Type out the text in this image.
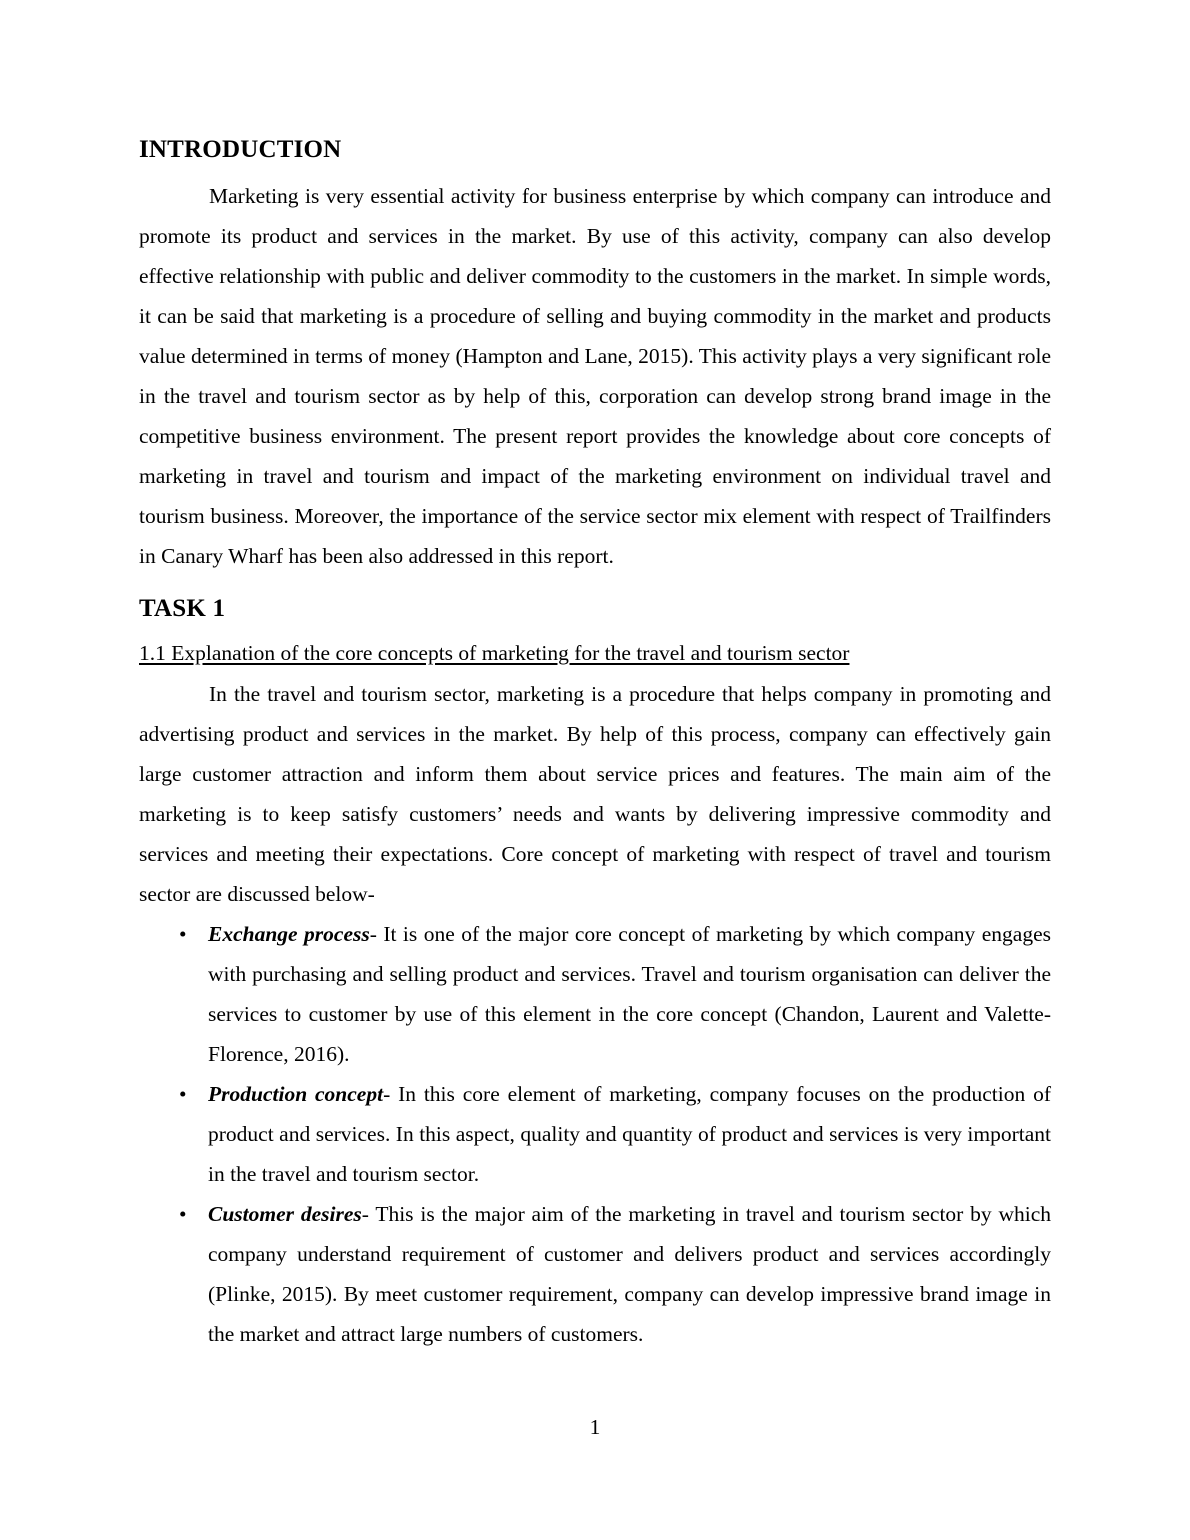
INTRODUCTION

Marketing is very essential activity for business enterprise by which company can introduce and promote its product and services in the market. By use of this activity, company can also develop effective relationship with public and deliver commodity to the customers in the market. In simple words, it can be said that marketing is a procedure of selling and buying commodity in the market and products value determined in terms of money (Hampton and Lane, 2015). This activity plays a very significant role in the travel and tourism sector as by help of this, corporation can develop strong brand image in the competitive business environment. The present report provides the knowledge about core concepts of marketing in travel and tourism and impact of the marketing environment on individual travel and tourism business. Moreover, the importance of the service sector mix element with respect of Trailfinders in Canary Wharf has been also addressed in this report.

TASK 1
1.1 Explanation of the core concepts of marketing for the travel and tourism sector

In the travel and tourism sector, marketing is a procedure that helps company in promoting and advertising product and services in the market. By help of this process, company can effectively gain large customer attraction and inform them about service prices and features. The main aim of the marketing is to keep satisfy customers’ needs and wants by delivering impressive commodity and services and meeting their expectations. Core concept of marketing with respect of travel and tourism sector are discussed below-

• Exchange process- It is one of the major core concept of marketing by which company engages with purchasing and selling product and services. Travel and tourism organisation can deliver the services to customer by use of this element in the core concept (Chandon, Laurent and Valette-Florence, 2016).
• Production concept- In this core element of marketing, company focuses on the production of product and services. In this aspect, quality and quantity of product and services is very important in the travel and tourism sector.
• Customer desires- This is the major aim of the marketing in travel and tourism sector by which company understand requirement of customer and delivers product and services accordingly (Plinke, 2015). By meet customer requirement, company can develop impressive brand image in the market and attract large numbers of customers.
1
